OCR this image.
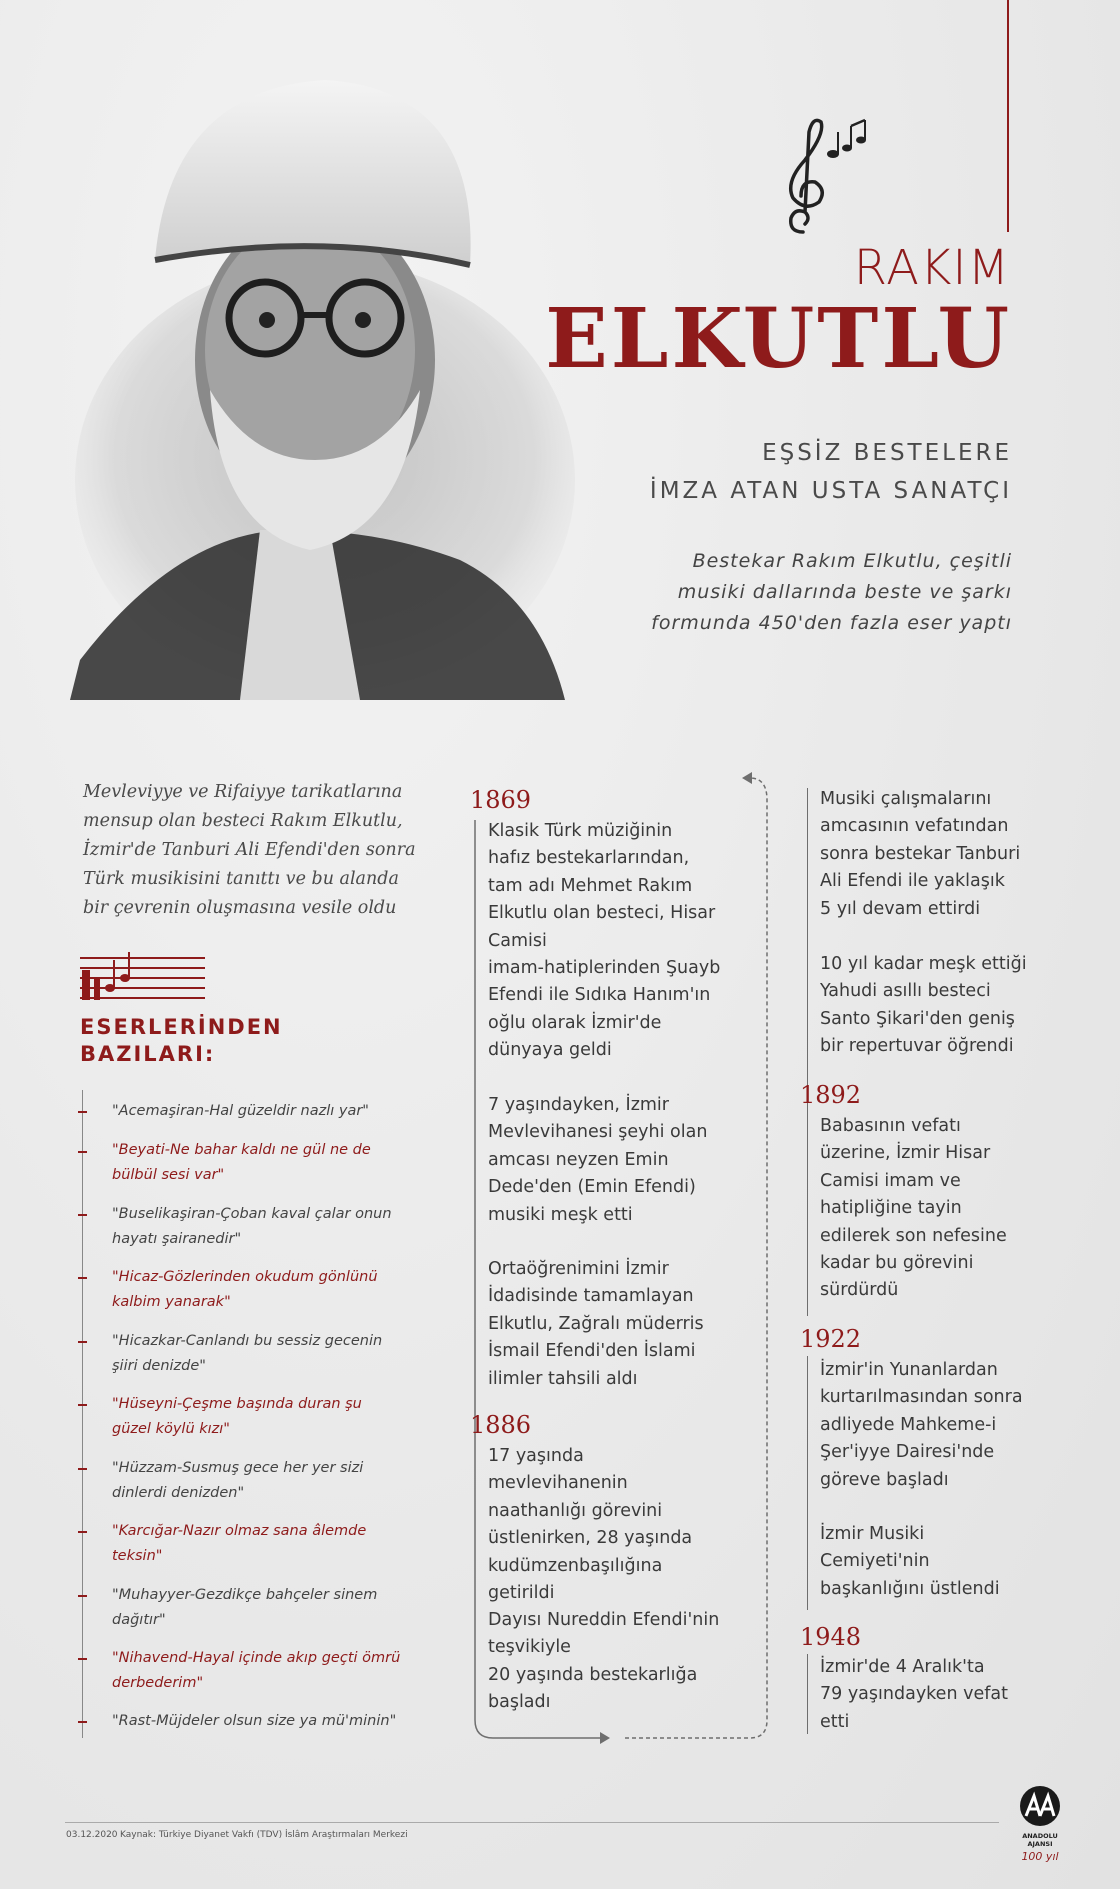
RAKIM
ELKUTLU
EŞSİZ BESTELERE
İMZA ATAN USTA SANATÇI
Bestekar Rakım Elkutlu, çeşitli musiki dallarında beste ve şarkı formunda 450'den fazla eser yaptı
Mevleviyye ve Rifaiyye tarikatlarına mensup olan besteci Rakım Elkutlu, İzmir'de Tanburi Ali Efendi'den sonra Türk musikisini tanıttı ve bu alanda bir çevrenin oluşmasına vesile oldu
ESERLERİNDEN
BAZILARI:
"Acemaşiran-Hal güzeldir nazlı yar"
"Beyati-Ne bahar kaldı ne gül ne de bülbül sesi var"
"Buselikaşiran-Çoban kaval çalar onun hayatı şairanedir"
"Hicaz-Gözlerinden okudum gönlünü kalbim yanarak"
"Hicazkar-Canlandı bu sessiz gecenin şiiri denizde"
"Hüseyni-Çeşme başında duran şu güzel köylü kızı"
"Hüzzam-Susmuş gece her yer sizi dinlerdi denizden"
"Karcığar-Nazır olmaz sana âlemde teksin"
"Muhayyer-Gezdikçe bahçeler sinem dağıtır"
"Nihavend-Hayal içinde akıp geçti ömrü derbederim"
"Rast-Müjdeler olsun size ya mü'minin"
1869
Klasik Türk müziğinin
hafız bestekarlarından,
tam adı Mehmet Rakım
Elkutlu olan besteci, Hisar
Camisi
imam-hatiplerinden Şuayb
Efendi ile Sıdıka Hanım'ın
oğlu olarak İzmir'de
dünyaya geldi
7 yaşındayken, İzmir
Mevlevihanesi şeyhi olan
amcası neyzen Emin
Dede'den (Emin Efendi)
musiki meşk etti
Ortaöğrenimini İzmir
İdadisinde tamamlayan
Elkutlu, Zağralı müderris
İsmail Efendi'den İslami
ilimler tahsili aldı
1886
17 yaşında mevlevihanenin
naathanlığı görevini
üstlenirken, 28 yaşında
kudümzenbaşılığına
getirildi
Dayısı Nureddin Efendi'nin
teşvikiyle
20 yaşında bestekarlığa
başladı
Musiki çalışmalarını
amcasının vefatından
sonra bestekar Tanburi
Ali Efendi ile yaklaşık
5 yıl devam ettirdi
10 yıl kadar meşk ettiği
Yahudi asıllı besteci
Santo Şikari'den geniş
bir repertuvar öğrendi
1892
Babasının vefatı
üzerine, İzmir Hisar
Camisi imam ve
hatipliğine tayin
edilerek son nefesine
kadar bu görevini
sürdürdü
1922
İzmir'in Yunanlardan
kurtarılmasından sonra
adliyede Mahkeme-i
Şer'iyye Dairesi'nde
göreve başladı
İzmir Musiki
Cemiyeti'nin
başkanlığını üstlendi
1948
İzmir'de 4 Aralık'ta
79 yaşındayken vefat
etti
03.12.2020 Kaynak: Türkiye Diyanet Vakfı (TDV) İslâm Araştırmaları Merkezi	ANADOLU AJANSI
100 yıl
